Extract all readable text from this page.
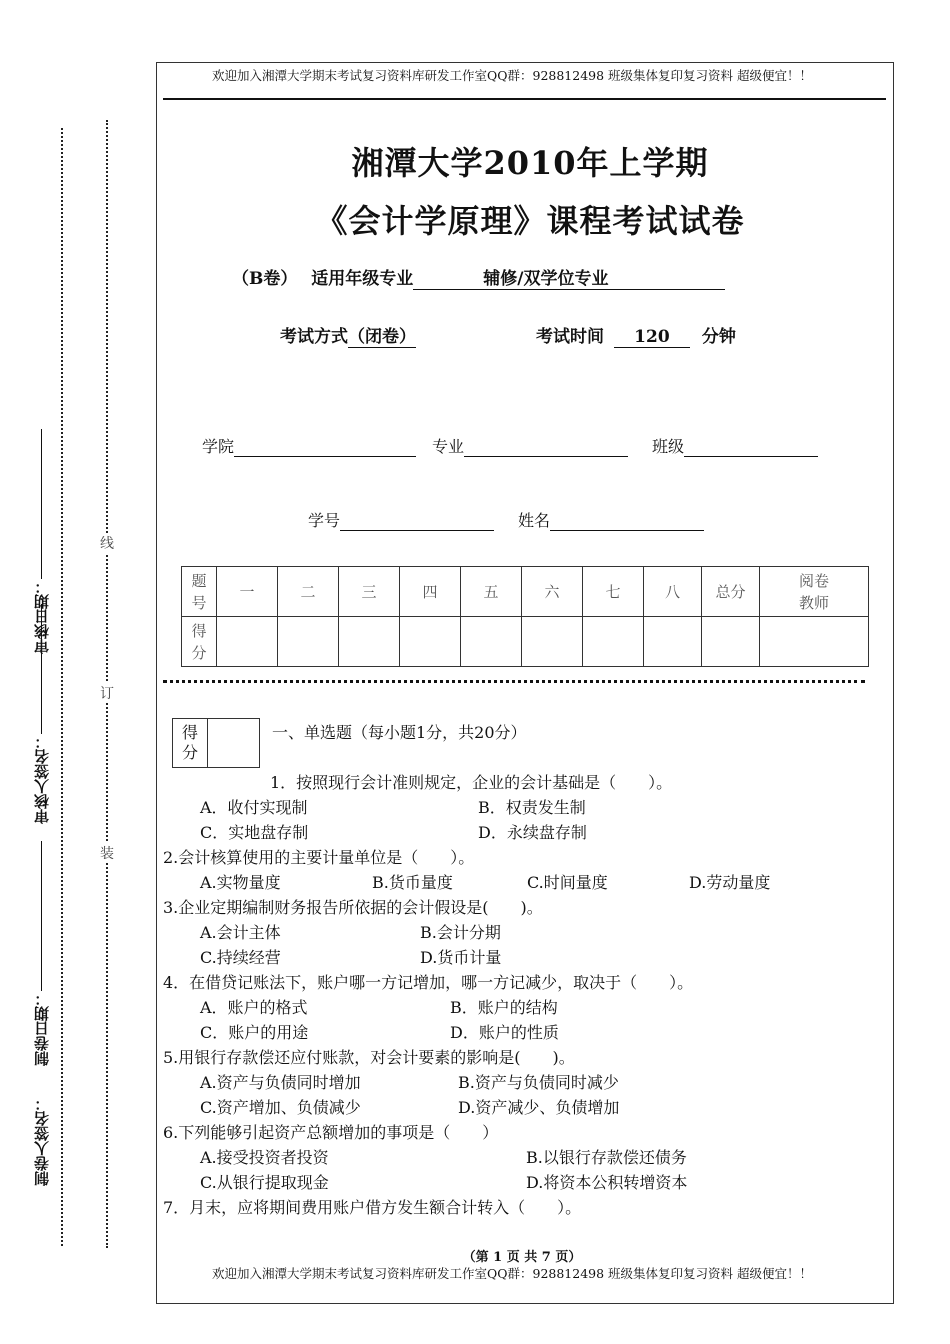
欢迎加入湘潭大学期末考试复习资料库研发工作室QQ群：928812498 班级集体复印复习资料 超级便宜！！
湘潭大学2010年上学期
《会计学原理》课程考试试卷
（B卷） 适用年级专业	辅修/双学位专业
考试方式（闭卷）	考试时间 120 分钟
学院	专业	班级
学号	姓名
题
号	一	二	三	四	五	六	七	八	总分	阅卷
教师
得
分										
审核日期：
审核人签名：
制卷日期：
制卷人签名：
线
订
装
得
分
一、单选题（每小题1分，共20分）
1．按照现行会计准则规定，企业的会计基础是（　　）。
A．收付实现制	B．权责发生制
C．实地盘存制	D．永续盘存制
2.会计核算使用的主要计量单位是（　　）。
A.实物量度	B.货币量度	C.时间量度	D.劳动量度
3.企业定期编制财务报告所依据的会计假设是(　　)。
A.会计主体	B.会计分期
C.持续经营	D.货币计量
4．在借贷记账法下，账户哪一方记增加，哪一方记减少，取决于（　　）。
A．账户的格式	B．账户的结构
C．账户的用途	D．账户的性质
5.用银行存款偿还应付账款，对会计要素的影响是(　　)。
A.资产与负债同时增加	B.资产与负债同时减少
C.资产增加、负债减少	D.资产减少、负债增加
6.下列能够引起资产总额增加的事项是（　　）
A.接受投资者投资	B.以银行存款偿还债务
C.从银行提取现金	D.将资本公积转增资本
7．月末，应将期间费用账户借方发生额合计转入（　　）。
（第 1 页 共 7 页）
欢迎加入湘潭大学期末考试复习资料库研发工作室QQ群：928812498 班级集体复印复习资料 超级便宜！！
